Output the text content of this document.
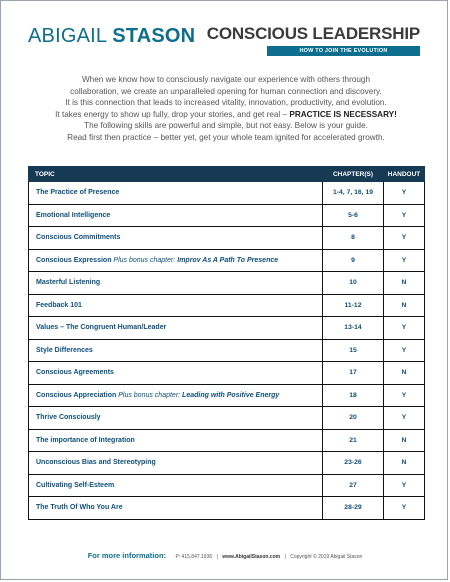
ABIGAIL STASON CONSCIOUS LEADERSHIP
HOW TO JOIN THE EVOLUTION

When we know how to consciously navigate our experience with others through

collaboration, we create an unparalleled opening for human connection and discovery.

It is this connection that leads to increased vitality, innovation, productivity, and evolution.

It takes energy to show up fully, drop your stories, and get real – PRACTICE IS NECESSARY!

The following skills are powerful and simple, but not easy. Below is your guide.

Read first then practice – better yet, get your whole team ignited for accelerated growth.

TOPIC	CHAPTER(S)	HANDOUT
The Practice of Presence	1-4, 7, 16, 19	Y
Emotional Intelligence	5-6	Y
Conscious Commitments	8	Y
Conscious Expression Plus bonus chapter: Improv As A Path To Presence	9	Y
Masterful Listening	10	N
Feedback 101	11-12	N
Values – The Congruent Human/Leader	13-14	Y
Style Differences	15	Y
Conscious Agreements	17	N
Conscious Appreciation Plus bonus chapter: Leading with Positive Energy	18	Y
Thrive Consciously	20	Y
The importance of Integration	21	N
Unconscious Bias and Stereotyping	23-26	N
Cultivating Self-Esteem	27	Y
The Truth Of Who You Are	28-29	Y
For more information: P: 415.847.1936 | www.AbigailStason.com | Copyright © 2019 Abigail Stason
